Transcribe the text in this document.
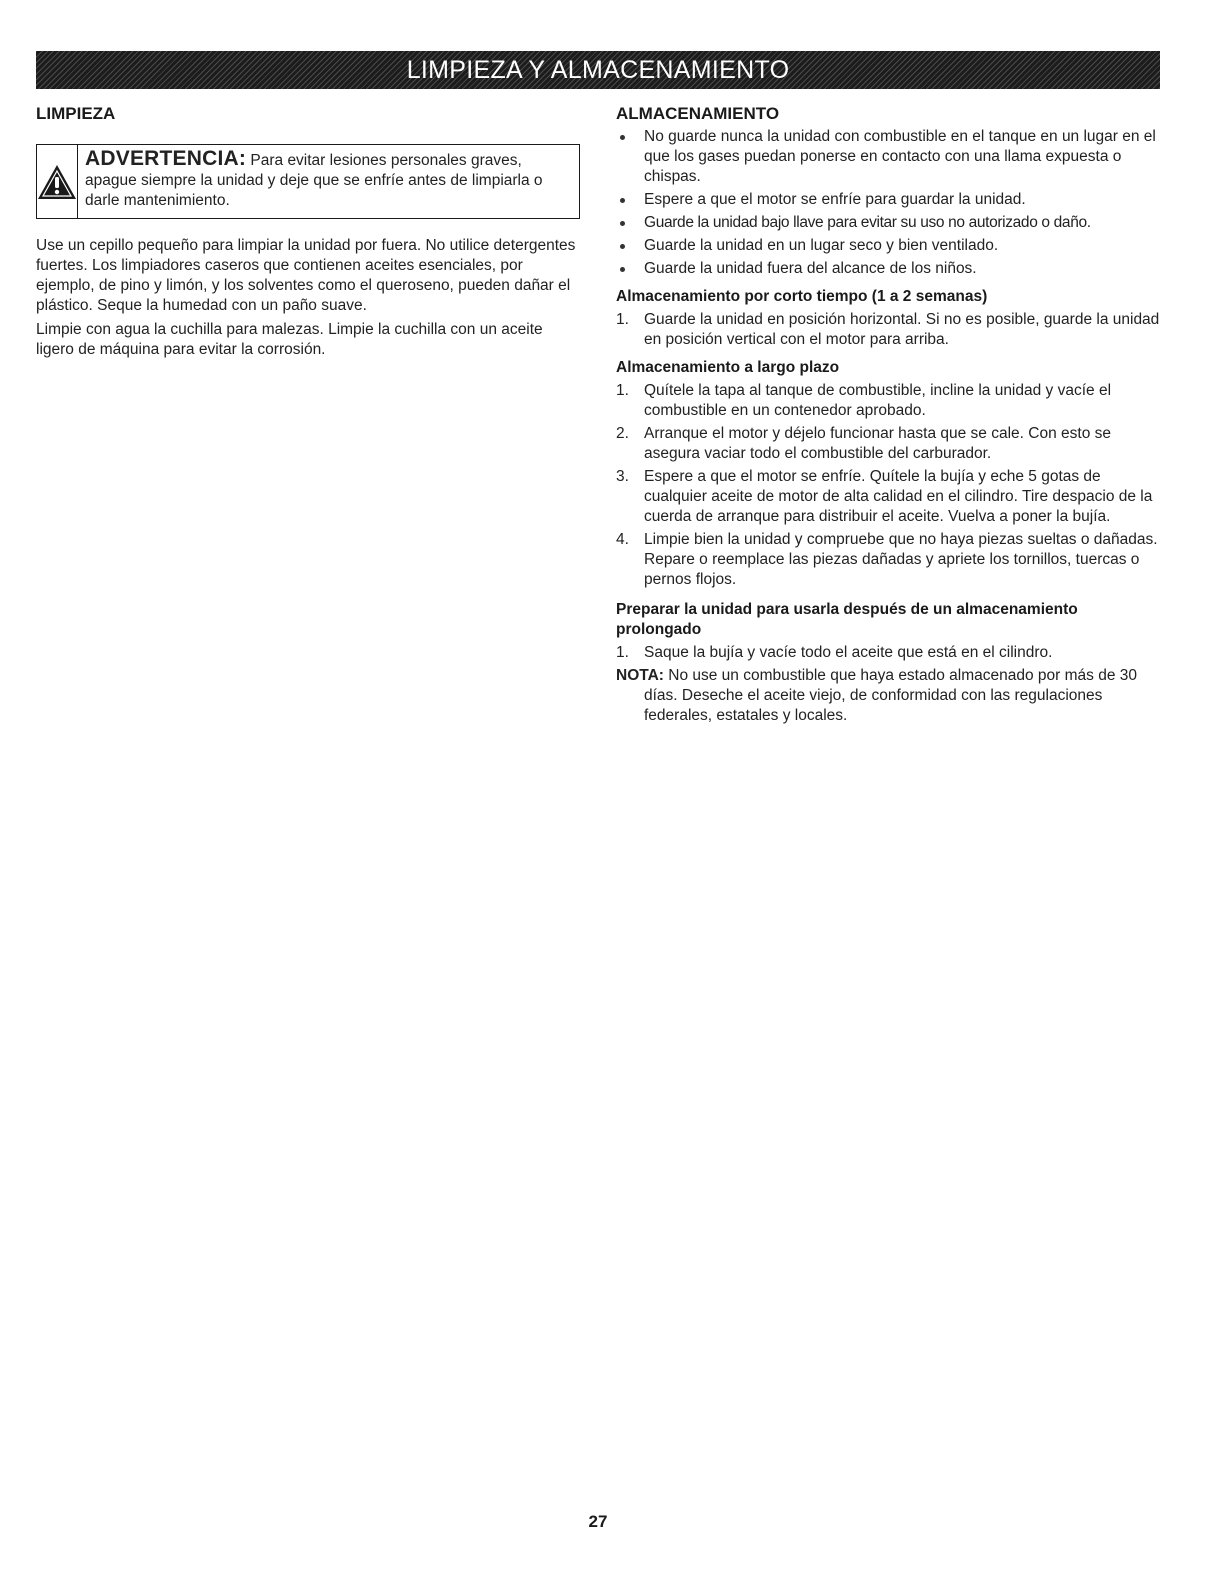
LIMPIEZA Y ALMACENAMIENTO
LIMPIEZA
ADVERTENCIA: Para evitar lesiones personales graves, apague siempre la unidad y deje que se enfríe antes de limpiarla o darle mantenimiento.

Use un cepillo pequeño para limpiar la unidad por fuera. No utilice detergentes fuertes. Los limpiadores caseros que contienen aceites esenciales, por ejemplo, de pino y limón, y los solventes como el queroseno, pueden dañar el plástico. Seque la humedad con un paño suave.

Limpie con agua la cuchilla para malezas. Limpie la cuchilla con un aceite ligero de máquina para evitar la corrosión.

ALMACENAMIENTO
No guarde nunca la unidad con combustible en el tanque en un lugar en el que los gases puedan ponerse en contacto con una llama expuesta o chispas.
Espere a que el motor se enfríe para guardar la unidad.
Guarde la unidad bajo llave para evitar su uso no autorizado o daño.
Guarde la unidad en un lugar seco y bien ventilado.
Guarde la unidad fuera del alcance de los niños.
Almacenamiento por corto tiempo (1 a 2 semanas)
1. Guarde la unidad en posición horizontal. Si no es posible, guarde la unidad en posición vertical con el motor para arriba.
Almacenamiento a largo plazo
1. Quítele la tapa al tanque de combustible, incline la unidad y vacíe el combustible en un contenedor aprobado.
2. Arranque el motor y déjelo funcionar hasta que se cale. Con esto se asegura vaciar todo el combustible del carburador.
3. Espere a que el motor se enfríe. Quítele la bujía y eche 5 gotas de cualquier aceite de motor de alta calidad en el cilindro. Tire despacio de la cuerda de arranque para distribuir el aceite. Vuelva a poner la bujía.
4. Limpie bien la unidad y compruebe que no haya piezas sueltas o dañadas. Repare o reemplace las piezas dañadas y apriete los tornillos, tuercas o pernos flojos.
Preparar la unidad para usarla después de un almacenamiento prolongado
1. Saque la bujía y vacíe todo el aceite que está en el cilindro.

NOTA: No use un combustible que haya estado almacenado por más de 30 días. Deseche el aceite viejo, de conformidad con las regulaciones federales, estatales y locales.

27
